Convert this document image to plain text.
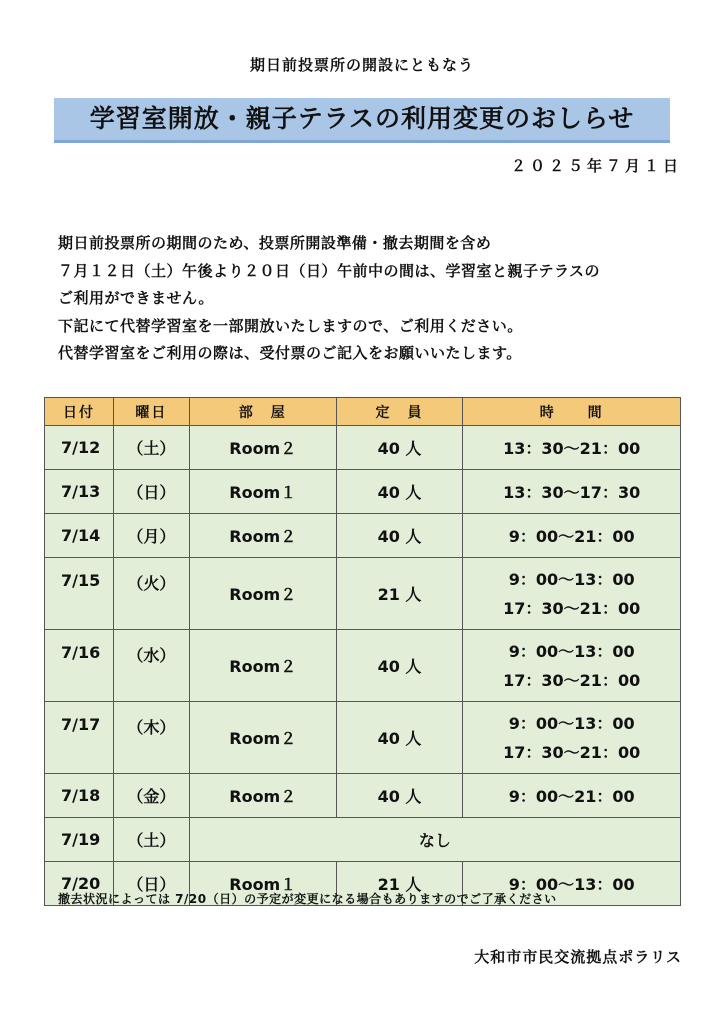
期日前投票所の開設にともなう
学習室開放・親子テラスの利用変更のおしらせ
２０２５年７月１日
期日前投票所の期間のため、投票所開設準備・撤去期間を含め
７月１２日（土）午後より２０日（日）午前中の間は、学習室と親子テラスの
ご利用ができません。
下記にて代替学習室を一部開放いたしますので、ご利用ください。
代替学習室をご利用の際は、受付票のご記入をお願いいたします。
日付	曜日	部　屋	定　員	時　　間
7/12	（土）	Room２	40 人	13：30～21：00
7/13	（日）	Room１	40 人	13：30～17：30
7/14	（月）	Room２	40 人	9：00～21：00
7/15	（火）	Room２	21 人	9：00～13：00
17：30～21：00

7/16	（水）	Room２	40 人	9：00～13：00
17：30～21：00

7/17	（木）	Room２	40 人	9：00～13：00
17：30～21：00

7/18	（金）	Room２	40 人	9：00～21：00
7/19	（土）	なし		
7/20	（日）	Room１	21 人	9：00～13：00
撤去状況によっては 7/20（日）の予定が変更になる場合もありますのでご了承ください
大和市市民交流拠点ポラリス
